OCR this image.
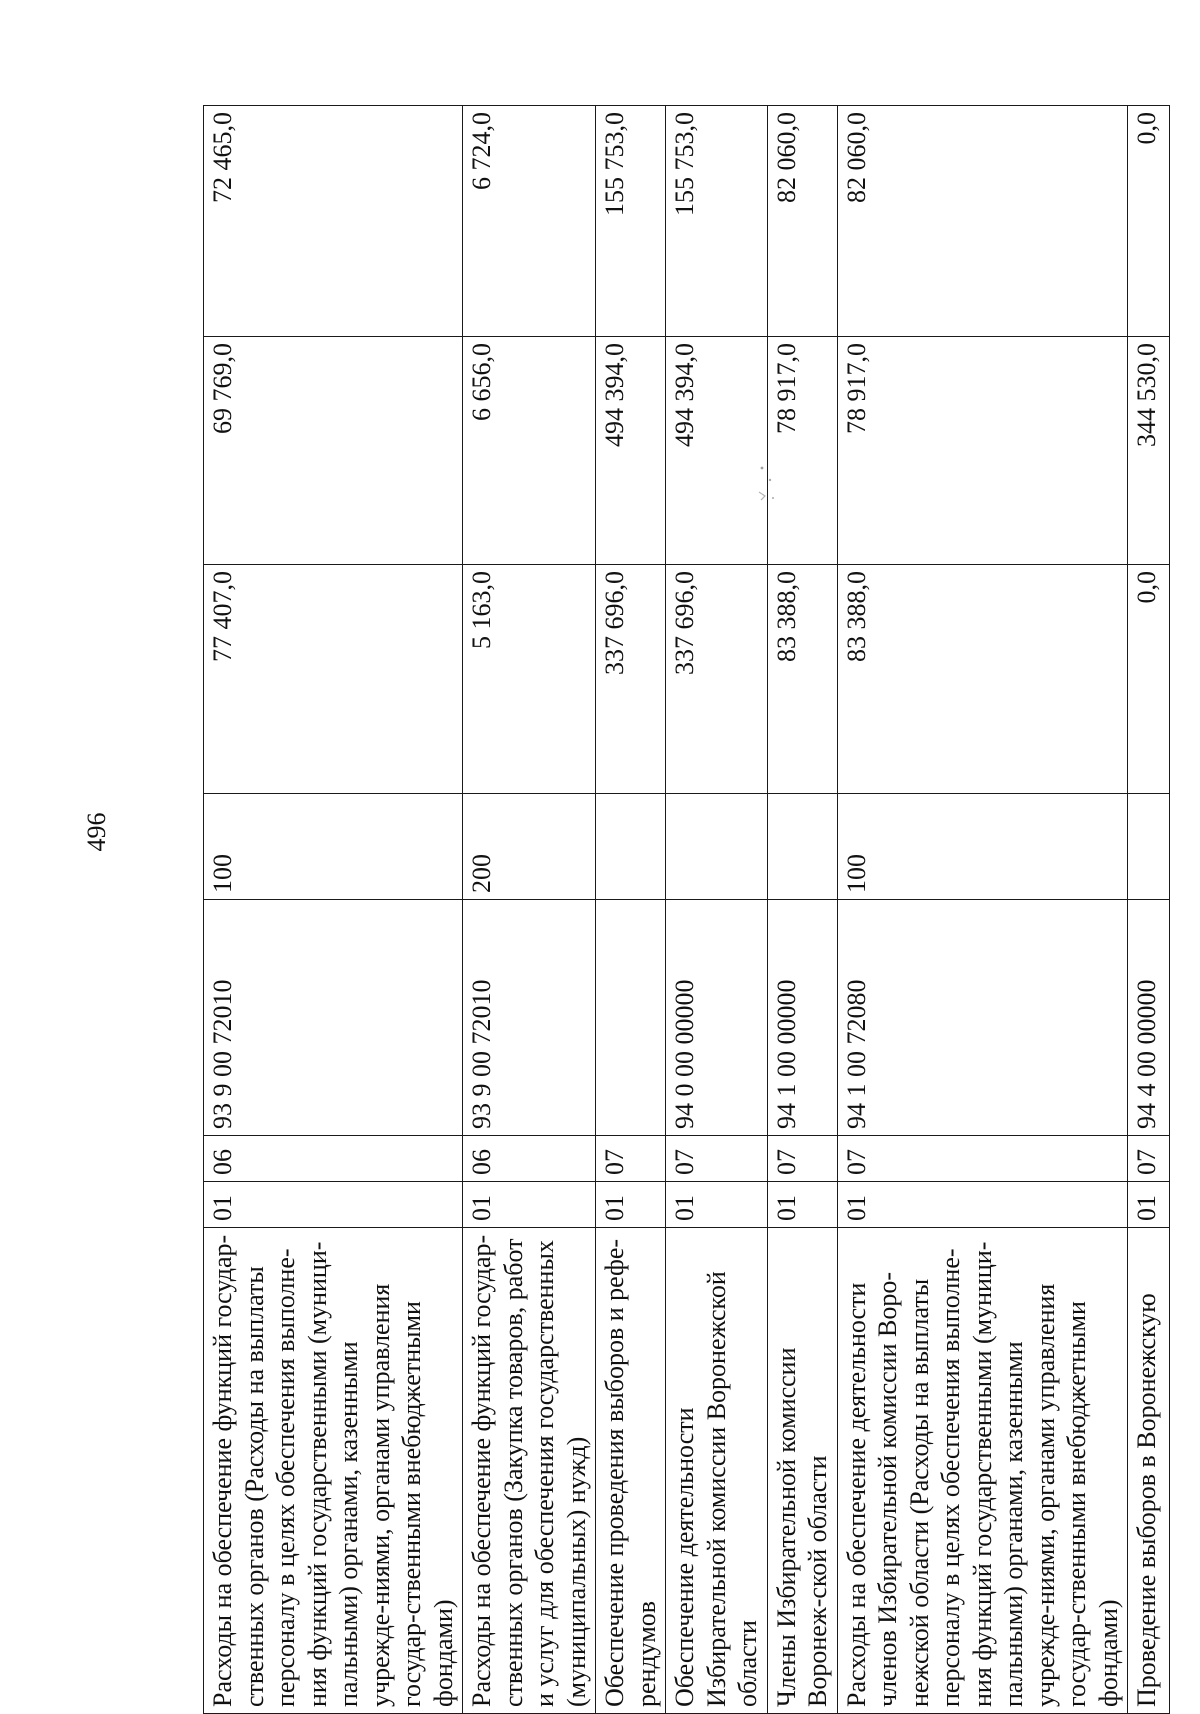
496
Расходы на обеспечение функций государ-ственных органов (Расходы на выплаты персоналу в целях обеспечения выполне-ния функций государственными (муници-пальными) органами, казенными учрежде-ниями, органами управления государ-ственными внебюджетными фондами)	01	06	93 9 00 72010	100	77 407,0	69 769,0	72 465,0
Расходы на обеспечение функций государ-ственных органов (Закупка товаров, работ и услуг для обеспечения государственных (муниципальных) нужд)	01	06	93 9 00 72010	200	5 163,0	6 656,0	6 724,0
Обеспечение проведения выборов и рефе-рендумов	01	07			337 696,0	494 394,0	155 753,0
Обеспечение деятельности Избирательной комиссии Воронежской области	01	07	94 0 00 00000		337 696,0	494 394,0	155 753,0
Члены Избирательной комиссии Воронеж-ской области	01	07	94 1 00 00000		83 388,0	78 917,0	82 060,0
Расходы на обеспечение деятельности членов Избирательной комиссии Воро-нежской области (Расходы на выплаты персоналу в целях обеспечения выполне-ния функций государственными (муници-пальными) органами, казенными учрежде-ниями, органами управления государ-ственными внебюджетными фондами)	01	07	94 1 00 72080	100	83 388,0	78 917,0	82 060,0
Проведение выборов в Воронежскую	01	07	94 4 00 00000		0,0	344 530,0	0,0
